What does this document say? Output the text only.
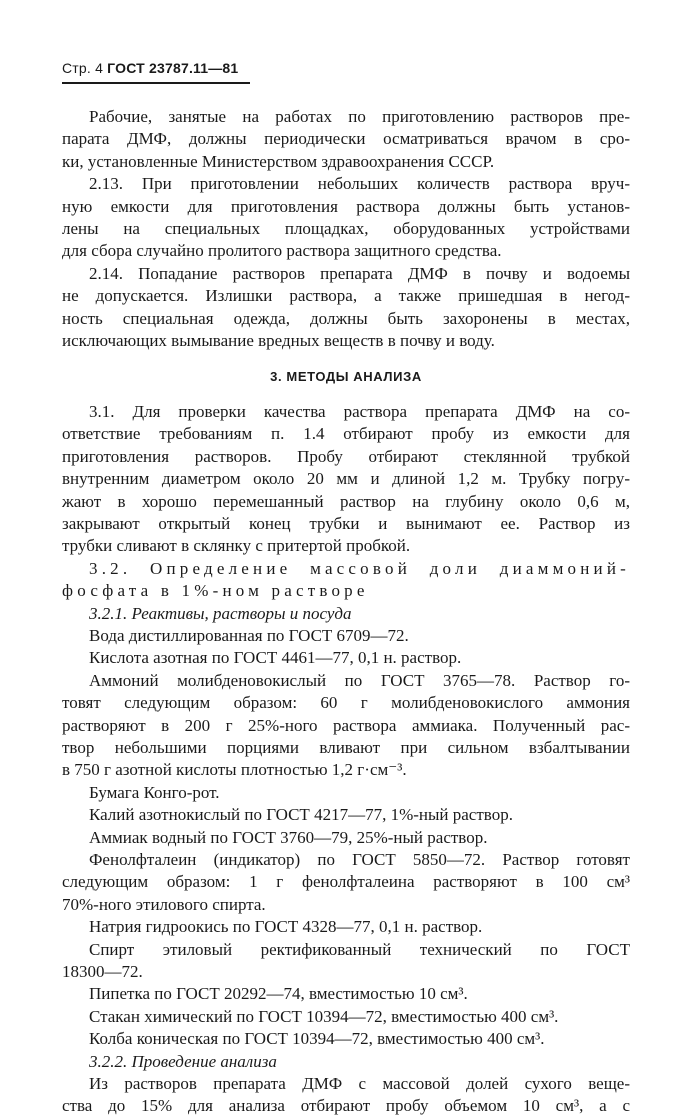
Стр. 4 ГОСТ 23787.11—81
Рабочие, занятые на работах по приготовлению растворов пре-
парата ДМФ, должны периодически осматриваться врачом в сро-
ки, установленные Министерством здравоохранения СССР.
2.13. При приготовлении небольших количеств раствора вруч-
ную емкости для приготовления раствора должны быть установ-
лены на специальных площадках, оборудованных устройствами
для сбора случайно пролитого раствора защитного средства.
2.14. Попадание растворов препарата ДМФ в почву и водоемы
не допускается. Излишки раствора, а также пришедшая в негод-
ность специальная одежда, должны быть захоронены в местах,
исключающих вымывание вредных веществ в почву и воду.
3. МЕТОДЫ АНАЛИЗА
3.1. Для проверки качества раствора препарата ДМФ на со-
ответствие требованиям п. 1.4 отбирают пробу из емкости для
приготовления растворов. Пробу отбирают стеклянной трубкой
внутренним диаметром около 20 мм и длиной 1,2 м. Трубку погру-
жают в хорошо перемешанный раствор на глубину около 0,6 м,
закрывают открытый конец трубки и вынимают ее. Раствор из
трубки сливают в склянку с притертой пробкой.
3.2. Определение массовой доли диаммоний-
фосфата в 1%-ном растворе
3.2.1. Реактивы, растворы и посуда
Вода дистиллированная по ГОСТ 6709—72.
Кислота азотная по ГОСТ 4461—77, 0,1 н. раствор.
Аммоний молибденовокислый по ГОСТ 3765—78. Раствор го-
товят следующим образом: 60 г молибденовокислого аммония
растворяют в 200 г 25%-ного раствора аммиака. Полученный рас-
твор небольшими порциями вливают при сильном взбалтывании
в 750 г азотной кислоты плотностью 1,2 г·см⁻³.
Бумага Конго-рот.
Калий азотнокислый по ГОСТ 4217—77, 1%-ный раствор.
Аммиак водный по ГОСТ 3760—79, 25%-ный раствор.
Фенолфталеин (индикатор) по ГОСТ 5850—72. Раствор готовят
следующим образом: 1 г фенолфталеина растворяют в 100 см³
70%-ного этилового спирта.
Натрия гидроокись по ГОСТ 4328—77, 0,1 н. раствор.
Спирт этиловый ректификованный технический по ГОСТ
18300—72.
Пипетка по ГОСТ 20292—74, вместимостью 10 см³.
Стакан химический по ГОСТ 10394—72, вместимостью 400 см³.
Колба коническая по ГОСТ 10394—72, вместимостью 400 см³.
3.2.2. Проведение анализа
Из растворов препарата ДМФ с массовой долей сухого веще-
ства до 15% для анализа отбирают пробу объемом 10 см³, а с
